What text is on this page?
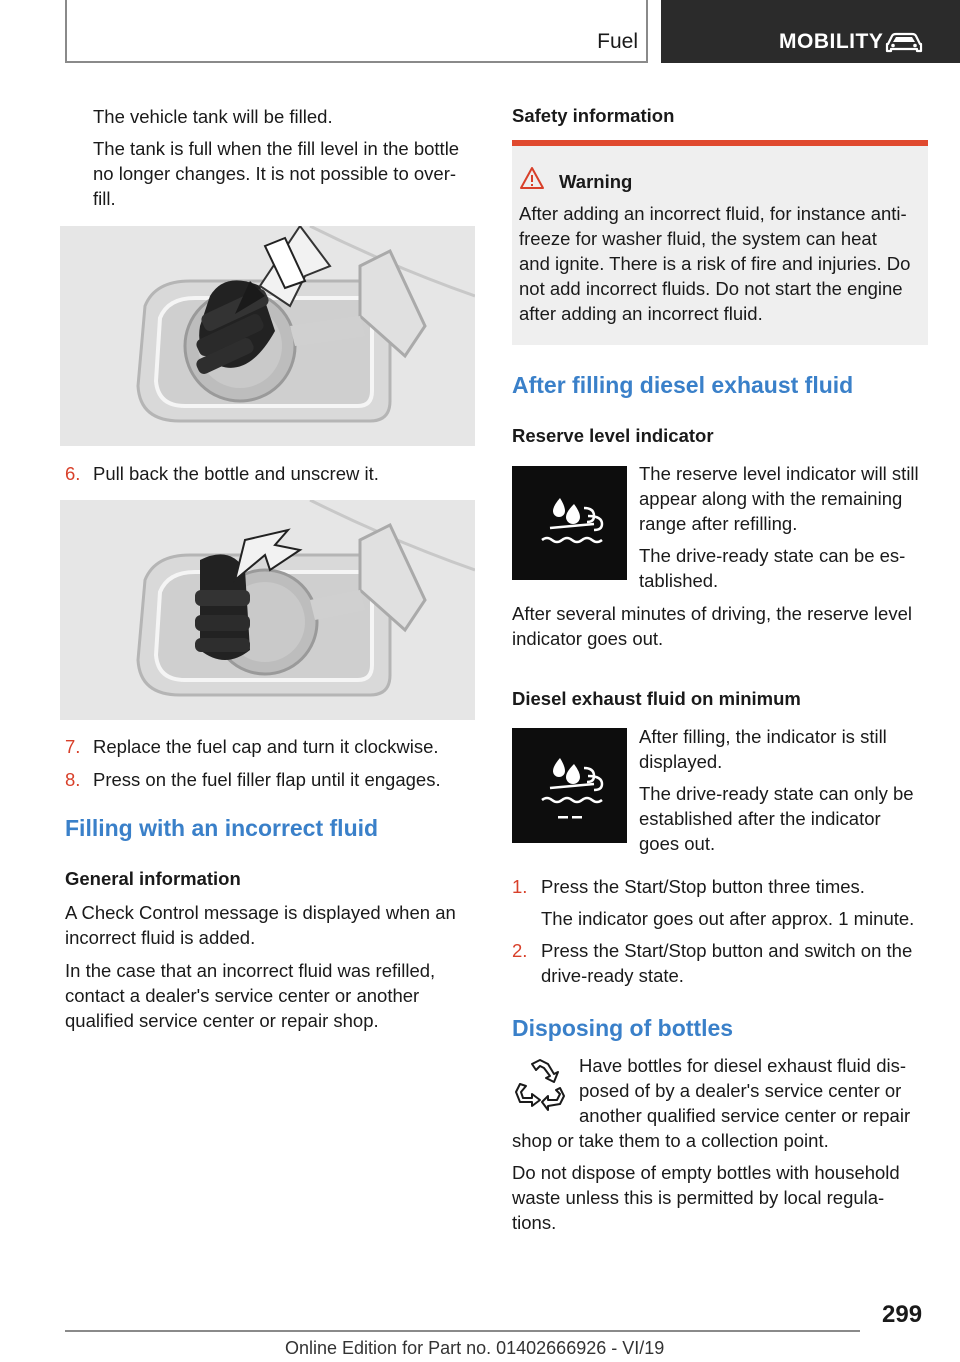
Fuel	MOBILITY

The vehicle tank will be filled.

The tank is full when the fill level in the bottle
no longer changes. It is not possible to over-
fill.

6. Pull back the bottle and unscrew it.

7. Replace the fuel cap and turn it clockwise.

8. Press on the fuel filler flap until it engages.

Filling with an incorrect fluid
General information

A Check Control message is displayed when an
incorrect fluid is added.

In the case that an incorrect fluid was refilled,
contact a dealer's service center or another
qualified service center or repair shop.

Safety information

Warning

After adding an incorrect fluid, for instance anti-
freeze for washer fluid, the system can heat
and ignite. There is a risk of fire and injuries. Do
not add incorrect fluids. Do not start the engine
after adding an incorrect fluid.

After filling diesel exhaust fluid
Reserve level indicator

The reserve level indicator will still
appear along with the remaining
range after refilling.

The drive-ready state can be es-
tablished.

After several minutes of driving, the reserve level
indicator goes out.

Diesel exhaust fluid on minimum

After filling, the indicator is still
displayed.

The drive-ready state can only be
established after the indicator
goes out.

1. Press the Start/Stop button three times.

The indicator goes out after approx. 1 minute.

2. Press the Start/Stop button and switch on the
drive-ready state.

Disposing of bottles

Have bottles for diesel exhaust fluid dis-
posed of by a dealer's service center or
another qualified service center or repair

shop or take them to a collection point.

Do not dispose of empty bottles with household
waste unless this is permitted by local regula-
tions.

299
Online Edition for Part no. 01402666926 - VI/19
